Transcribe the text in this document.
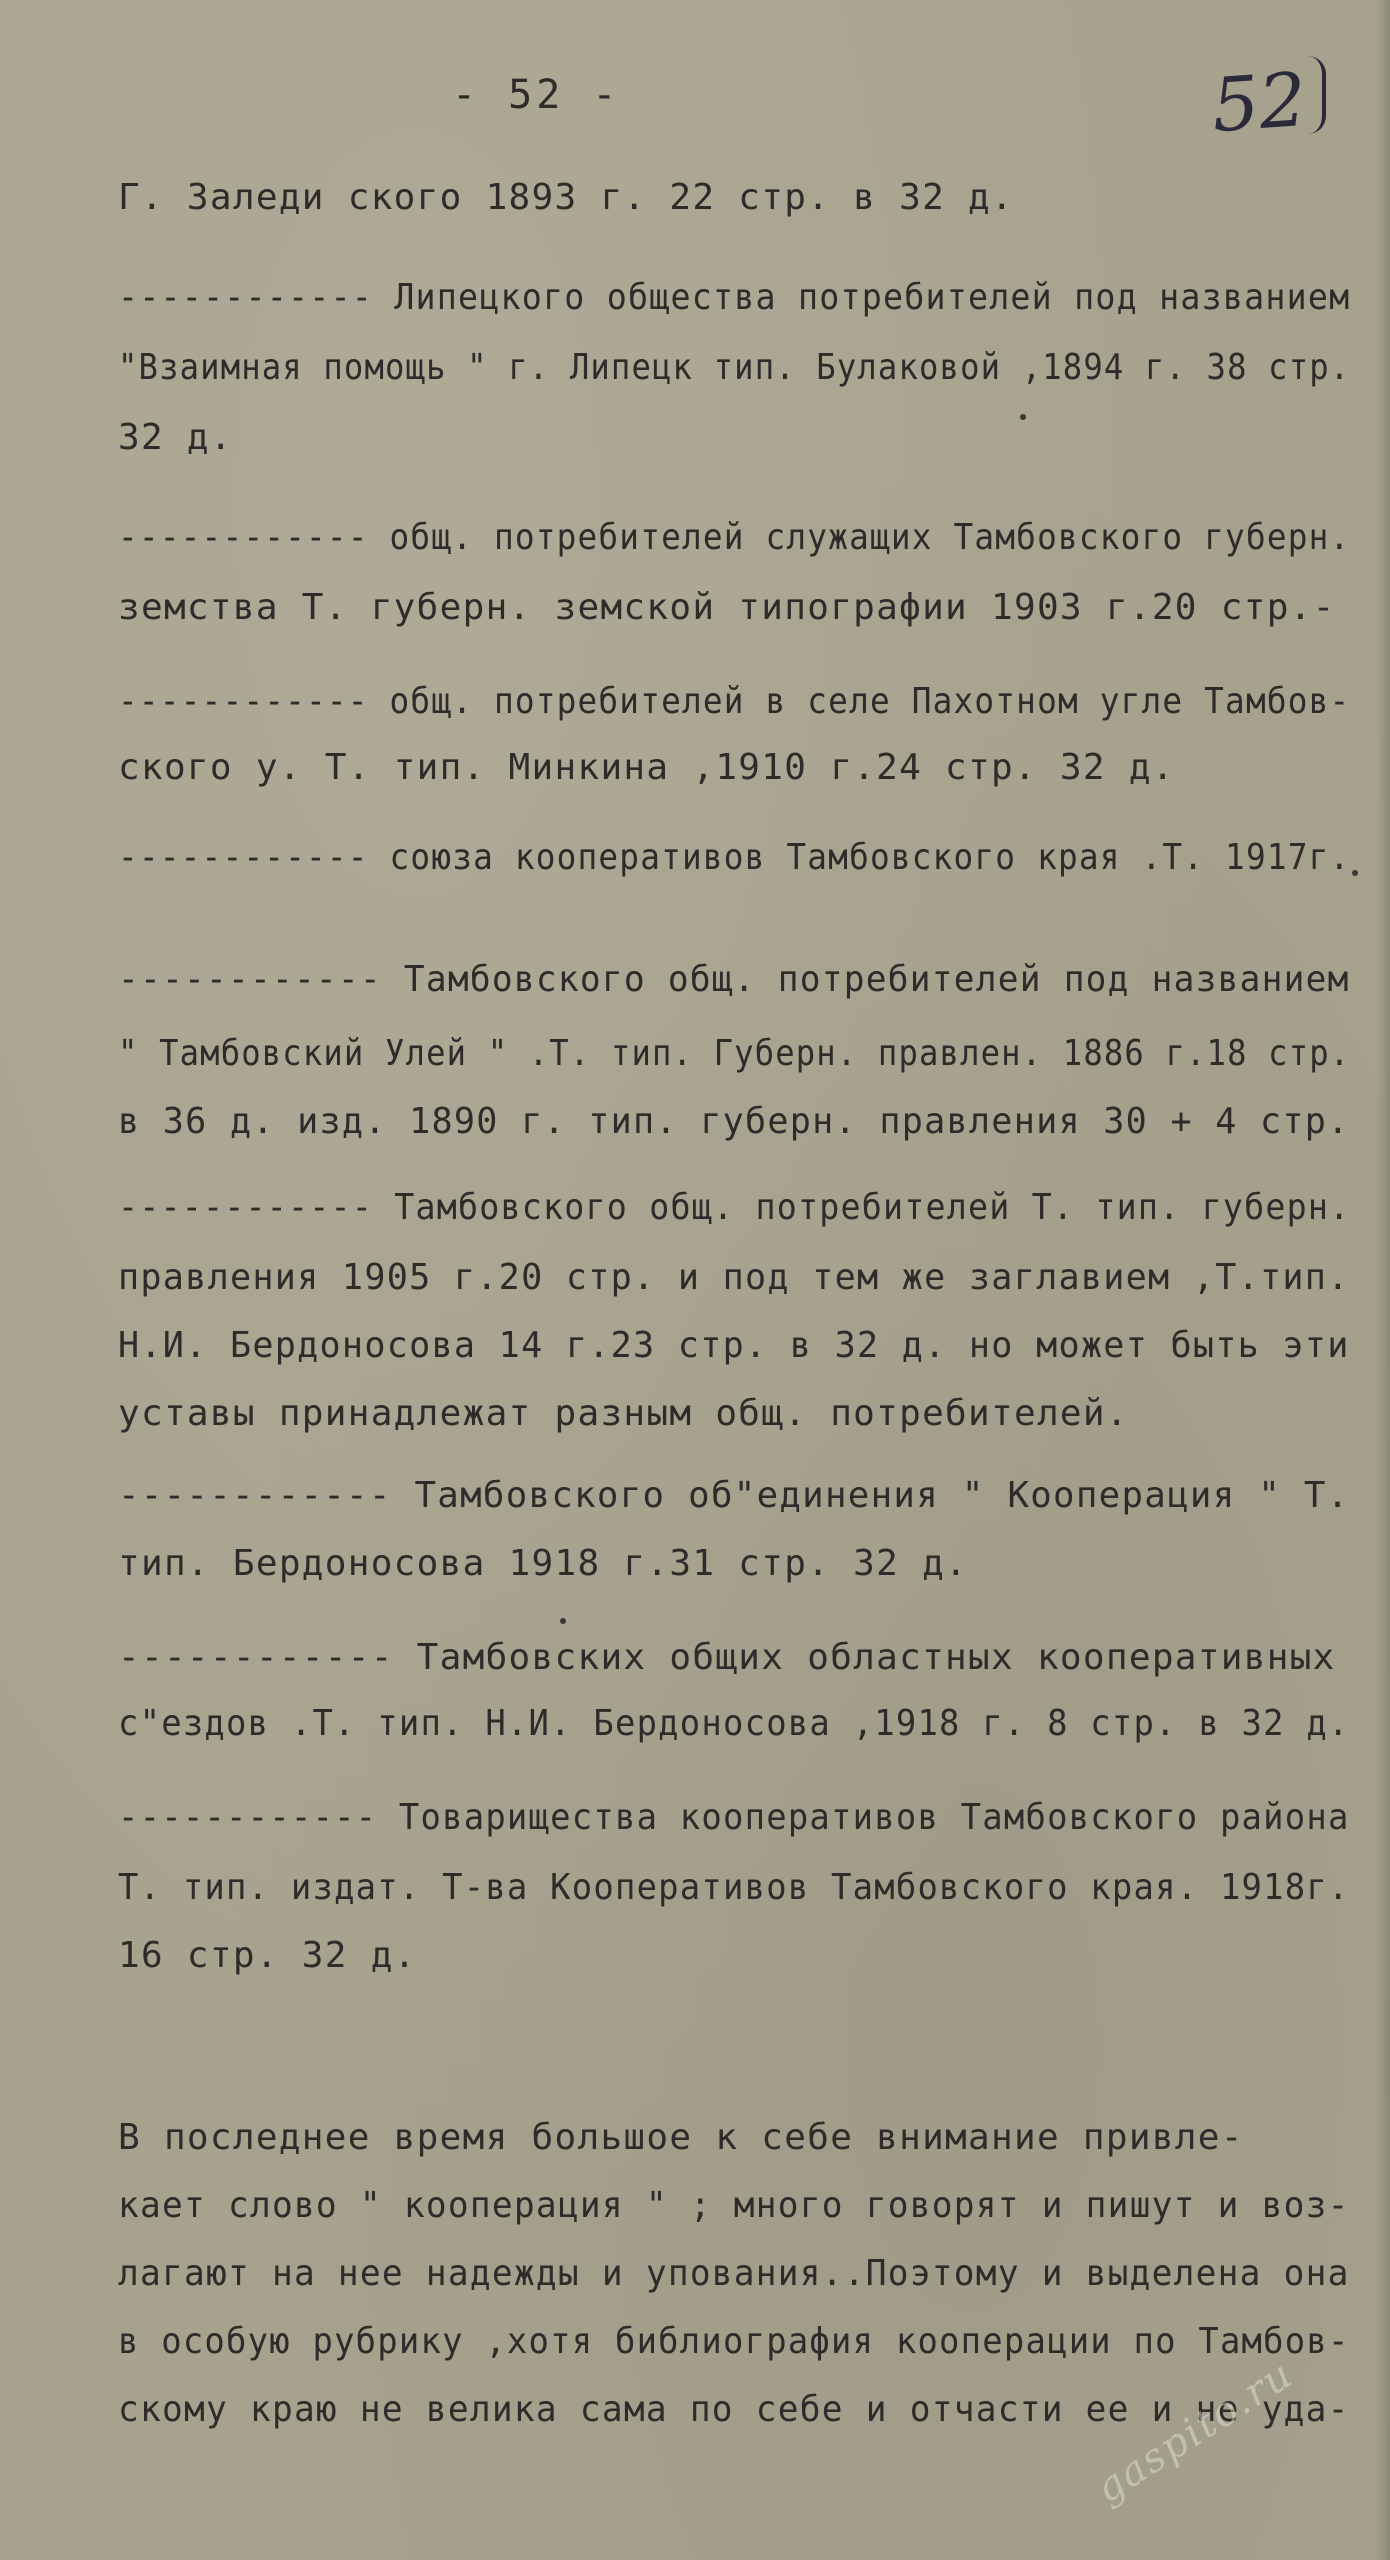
- 52 -	52
Г. Заледи ского 1893 г. 22 стр. в 32 д.
------------ Липецкого общества потребителей под названием
"Взаимная помощь " г. Липецк тип. Булаковой ,1894 г. 38 стр.
32 д.
------------ общ. потребителей служащих Тамбовского губерн.
земства Т. губерн. земской типографии 1903 г.20 стр.-
------------ общ. потребителей в селе Пахотном угле Тамбов-
ского у. Т. тип. Минкина ,1910 г.24 стр. 32 д.
------------ союза кооперативов Тамбовского края .Т. 1917г.
------------ Тамбовского общ. потребителей под названием
" Тамбовский Улей " .Т. тип. Губерн. правлен. 1886 г.18 стр.
в 36 д. изд. 1890 г. тип. губерн. правления 30 + 4 стр.
------------ Тамбовского общ. потребителей Т. тип. губерн.
правления 1905 г.20 стр. и под тем же заглавием ,Т.тип.
Н.И. Бердоносова 14 г.23 стр. в 32 д. но может быть эти
уставы принадлежат разным общ. потребителей.
------------ Тамбовского об"единения " Кооперация " Т.
тип. Бердоносова 1918 г.31 стр. 32 д.
------------ Тамбовских общих областных кооперативных
с"ездов .Т. тип. Н.И. Бердоносова ,1918 г. 8 стр. в 32 д.
------------ Товарищества кооперативов Тамбовского района
Т. тип. издат. Т-ва Кооперативов Тамбовского края. 1918г.
16 стр. 32 д.
В последнее время большое к себе внимание привле-
кает слово " кооперация " ; много говорят и пишут и воз-
лагают на нее надежды и упования..Поэтому и выделена она
в особую рубрику ,хотя библиография кооперации по Тамбов-
скому краю не велика сама по себе и отчасти ее и не уда-
gaspito.ru
